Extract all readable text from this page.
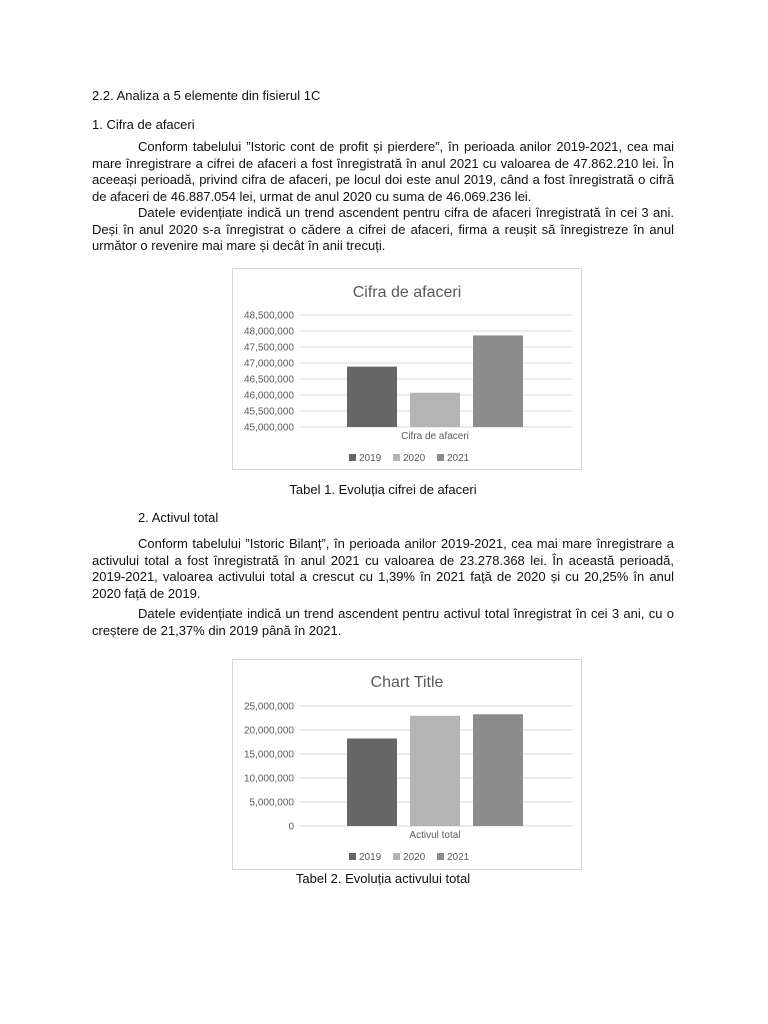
2.2. Analiza a 5 elemente din fisierul 1C
1. Cifra de afaceri

Conform tabelului ”Istoric cont de profit și pierdere”, în perioada anilor 2019-2021, cea mai mare înregistrare a cifrei de afaceri a fost înregistrată în anul 2021 cu valoarea de 47.862.210 lei. În aceeași perioadă, privind cifra de afaceri, pe locul doi este anul 2019, când a fost înregistrată o cifră de afaceri de 46.887.054 lei, urmat de anul 2020 cu suma de 46.069.236 lei.

Datele evidențiate indică un trend ascendent pentru cifra de afaceri înregistrată în cei 3 ani. Deși în anul 2020 s-a înregistrat o cădere a cifrei de afaceri, firma a reușit să înregistreze în anul următor o revenire mai mare și decât în anii trecuți.

Tabel 1. Evoluția cifrei de afaceri
2. Activul total

Conform tabelului ”Istoric Bilanț”, în perioada anilor 2019-2021, cea mai mare înregistrare a activului total a fost înregistrată în anul 2021 cu valoarea de 23.278.368 lei. În această perioadă, 2019-2021, valoarea activului total a crescut cu 1,39% în 2021 față de 2020 și cu 20,25% în anul 2020 față de 2019.

Datele evidențiate indică un trend ascendent pentru activul total înregistrat în cei 3 ani, cu o creștere de 21,37% din 2019 până în 2021.

Tabel 2. Evoluția activului total
Cifra de afaceri
45,000,000
45,500,000
46,000,000
46,500,000
47,000,000
47,500,000
48,000,000
48,500,000
Cifra de afaceri
2019 2020 2021
Chart Title
0
5,000,000
10,000,000
15,000,000
20,000,000
25,000,000
Activul total
2019 2020 2021
